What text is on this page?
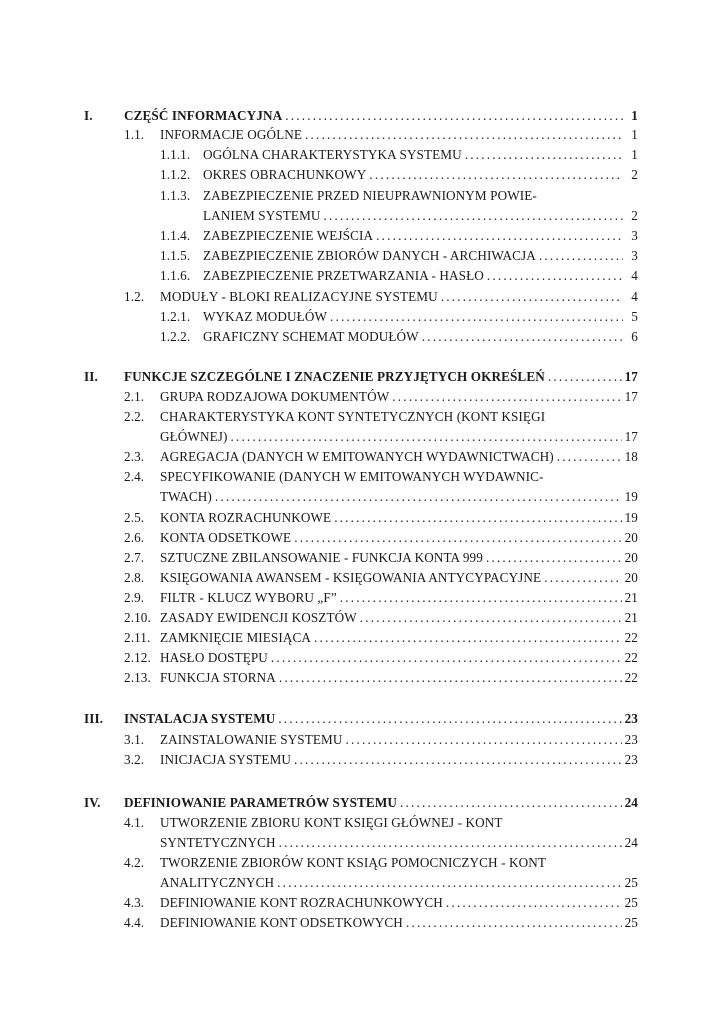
I. CZĘŚĆ INFORMACYJNA . . .	1
1.1. INFORMACJE OGÓLNE . . .	1
1.1.1. OGÓLNA CHARAKTERYSTYKA SYSTEMU . . .	1
1.1.2. OKRES OBRACHUNKOWY . . .	2
1.1.3. ZABEZPIECZENIE PRZED NIEUPRAWNIONYM POWIE-
LANIEM SYSTEMU . . .	2
1.1.4. ZABEZPIECZENIE WEJŚCIA . . .	3
1.1.5. ZABEZPIECZENIE ZBIORÓW DANYCH - ARCHIWACJA . . .	3
1.1.6. ZABEZPIECZENIE PRZETWARZANIA - HASŁO . . .	4
1.2. MODUŁY - BLOKI REALIZACYJNE SYSTEMU . . .	4
1.2.1. WYKAZ MODUŁÓW . . .	5
1.2.2. GRAFICZNY SCHEMAT MODUŁÓW . . .	6
II. FUNKCJE SZCZEGÓLNE I ZNACZENIE PRZYJĘTYCH OKREŚLEŃ . . .	17
2.1. GRUPA RODZAJOWA DOKUMENTÓW . . .	17
2.2. CHARAKTERYSTYKA KONT SYNTETYCZNYCH (KONT KSIĘGI
GŁÓWNEJ) . . .	17
2.3. AGREGACJA (DANYCH W EMITOWANYCH WYDAWNICTWACH) . . .	18
2.4. SPECYFIKOWANIE (DANYCH W EMITOWANYCH WYDAWNIC-
TWACH) . . .	19
2.5. KONTA ROZRACHUNKOWE . . .	19
2.6. KONTA ODSETKOWE . . .	20
2.7. SZTUCZNE ZBILANSOWANIE - FUNKCJA KONTA 999 . . .	20
2.8. KSIĘGOWANIA AWANSEM - KSIĘGOWANIA ANTYCYPACYJNE . . .	20
2.9. FILTR - KLUCZ WYBORU „F” . . .	21
2.10. ZASADY EWIDENCJI KOSZTÓW . . .	21
2.11. ZAMKNIĘCIE MIESIĄCA . . .	22
2.12. HASŁO DOSTĘPU . . .	22
2.13. FUNKCJA STORNA . . .	22
III. INSTALACJA SYSTEMU . . .	23
3.1. ZAINSTALOWANIE SYSTEMU . . .	23
3.2. INICJACJA SYSTEMU . . .	23
IV. DEFINIOWANIE PARAMETRÓW SYSTEMU . . .	24
4.1. UTWORZENIE ZBIORU KONT KSIĘGI GŁÓWNEJ - KONT
SYNTETYCZNYCH . . .	24
4.2. TWORZENIE ZBIORÓW KONT KSIĄG POMOCNICZYCH - KONT
ANALITYCZNYCH . . .	25
4.3. DEFINIOWANIE KONT ROZRACHUNKOWYCH . . .	25
4.4. DEFINIOWANIE KONT ODSETKOWYCH . . .	25
